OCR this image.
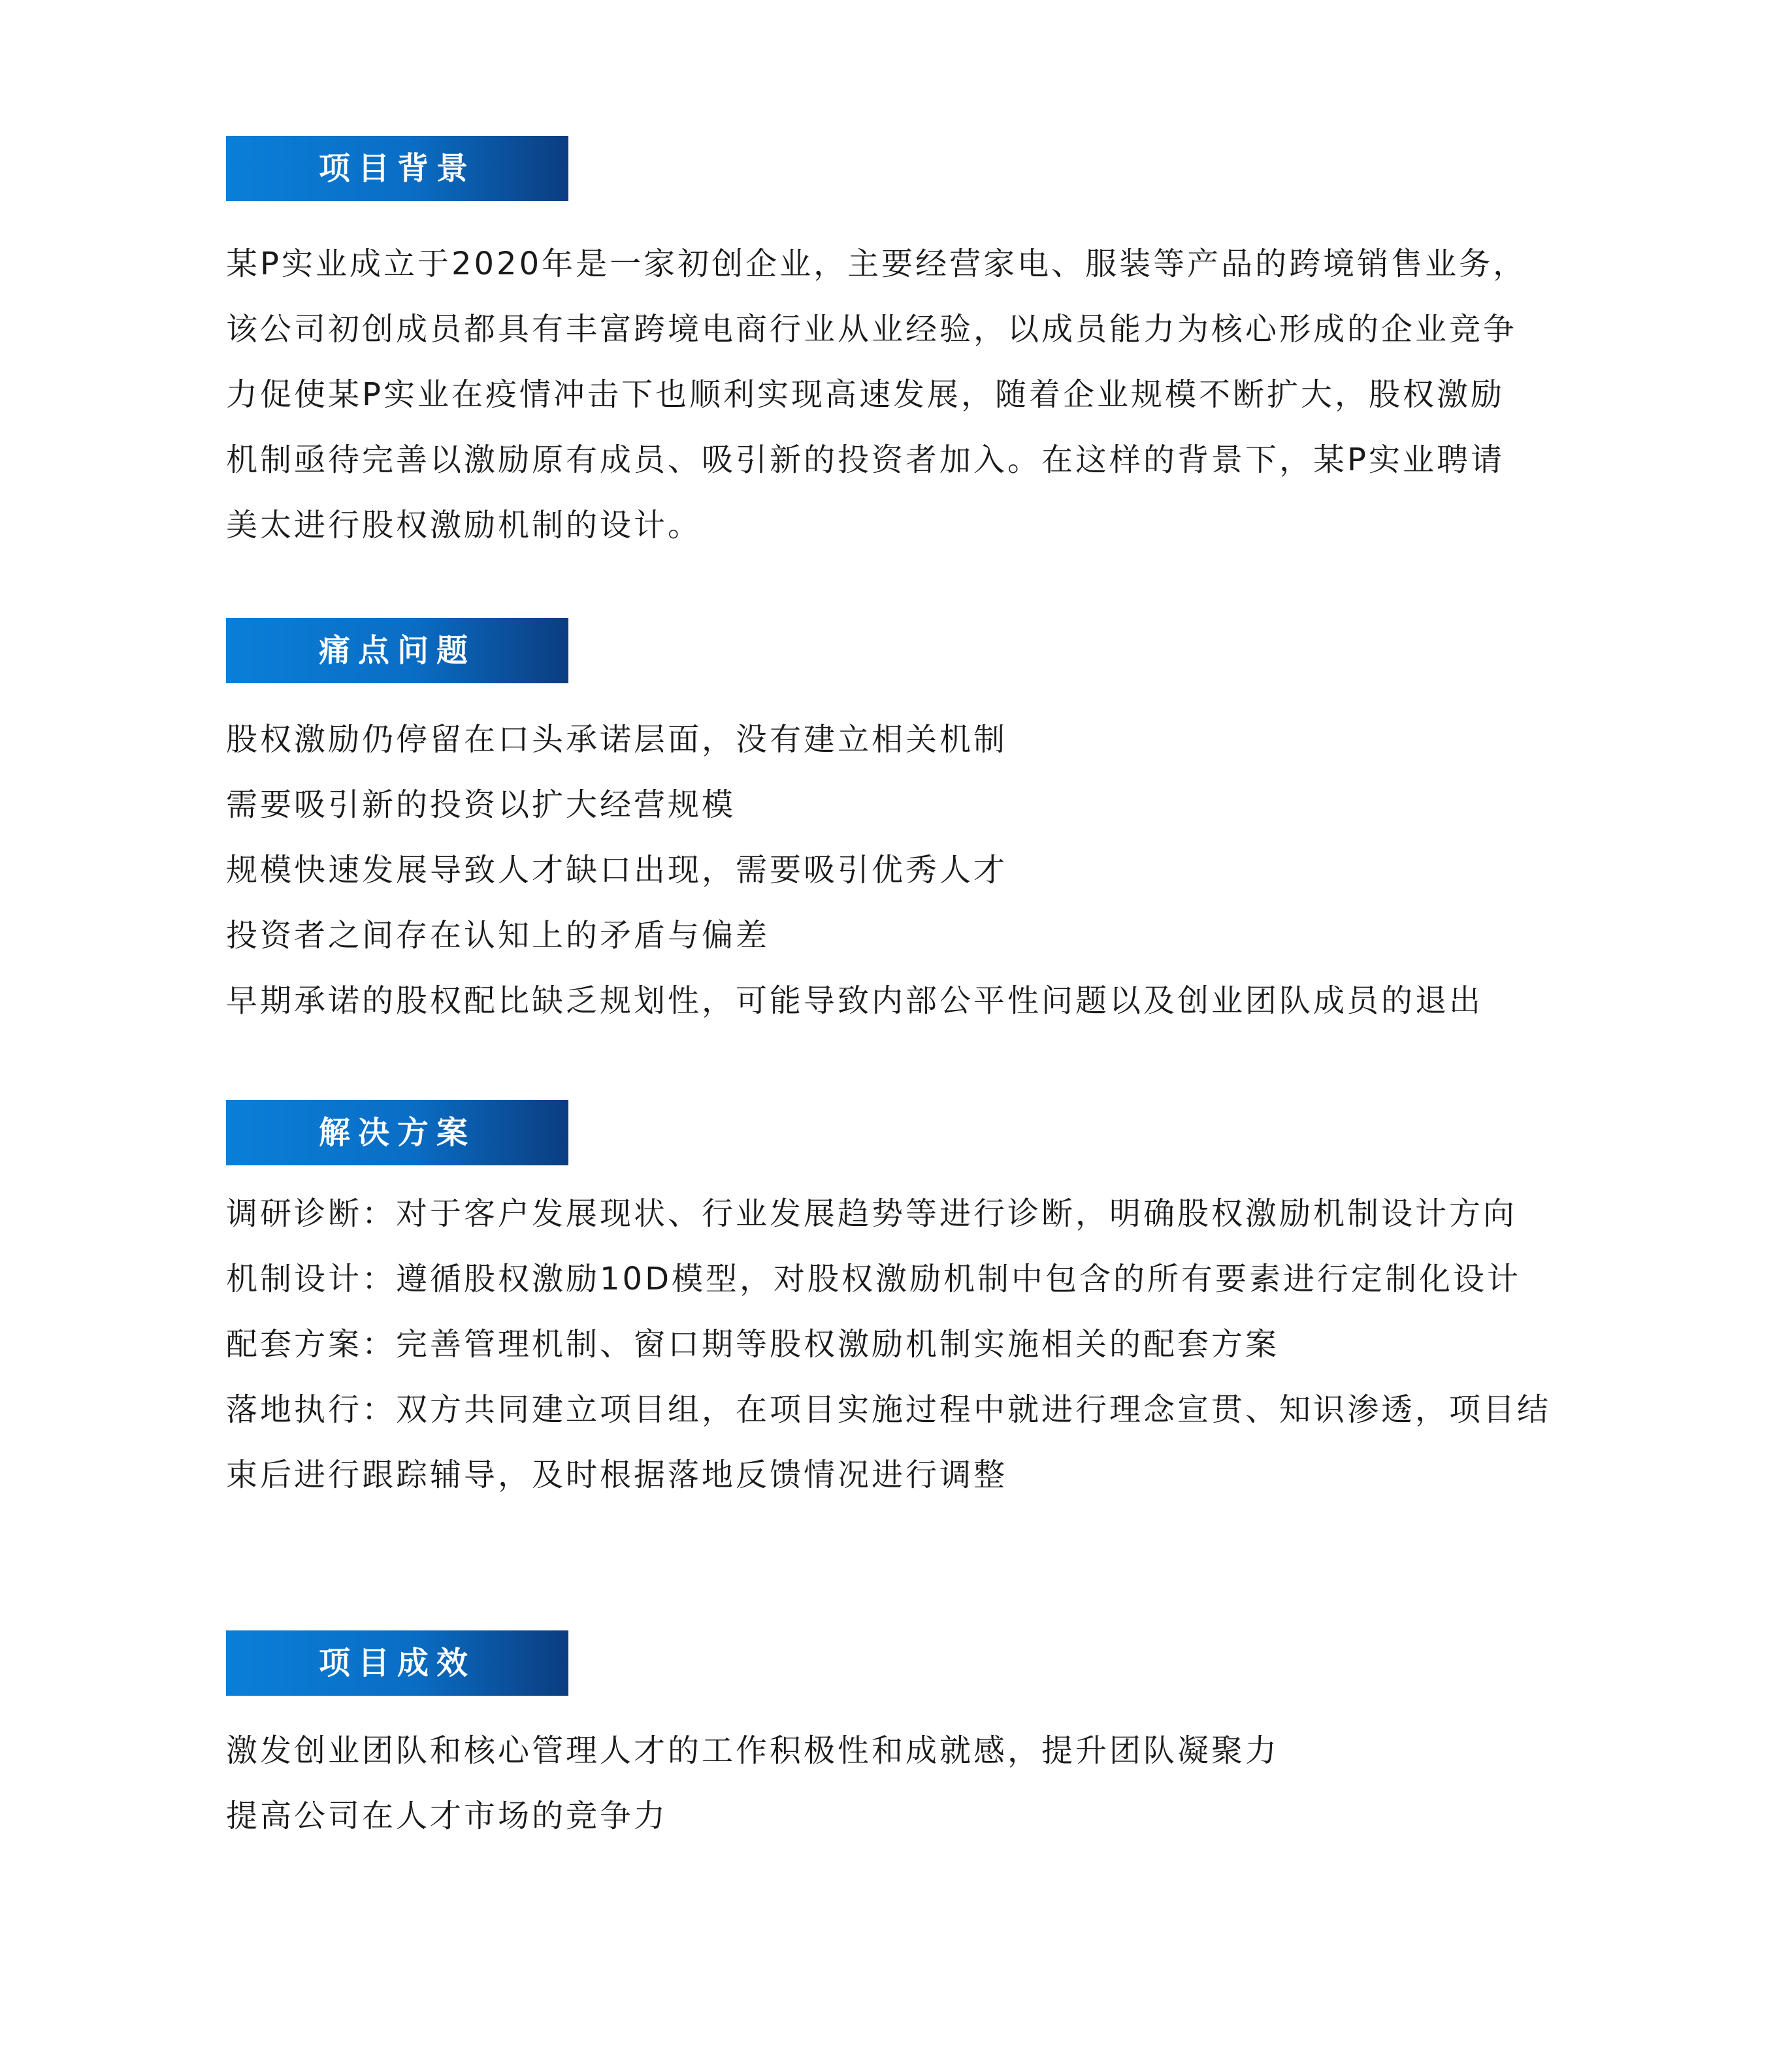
项目背景
某P实业成立于2020年是一家初创企业，主要经营家电、服装等产品的跨境销售业务，
该公司初创成员都具有丰富跨境电商行业从业经验，以成员能力为核心形成的企业竞争
力促使某P实业在疫情冲击下也顺利实现高速发展，随着企业规模不断扩大，股权激励
机制亟待完善以激励原有成员、吸引新的投资者加入。在这样的背景下，某P实业聘请
美太进行股权激励机制的设计。
痛点问题
股权激励仍停留在口头承诺层面，没有建立相关机制
需要吸引新的投资以扩大经营规模
规模快速发展导致人才缺口出现，需要吸引优秀人才
投资者之间存在认知上的矛盾与偏差
早期承诺的股权配比缺乏规划性，可能导致内部公平性问题以及创业团队成员的退出
解决方案
调研诊断：对于客户发展现状、行业发展趋势等进行诊断，明确股权激励机制设计方向
机制设计：遵循股权激励10D模型，对股权激励机制中包含的所有要素进行定制化设计
配套方案：完善管理机制、窗口期等股权激励机制实施相关的配套方案
落地执行：双方共同建立项目组，在项目实施过程中就进行理念宣贯、知识渗透，项目结束后进行跟踪辅导，及时根据落地反馈情况进行调整
项目成效
激发创业团队和核心管理人才的工作积极性和成就感，提升团队凝聚力
提高公司在人才市场的竞争力
